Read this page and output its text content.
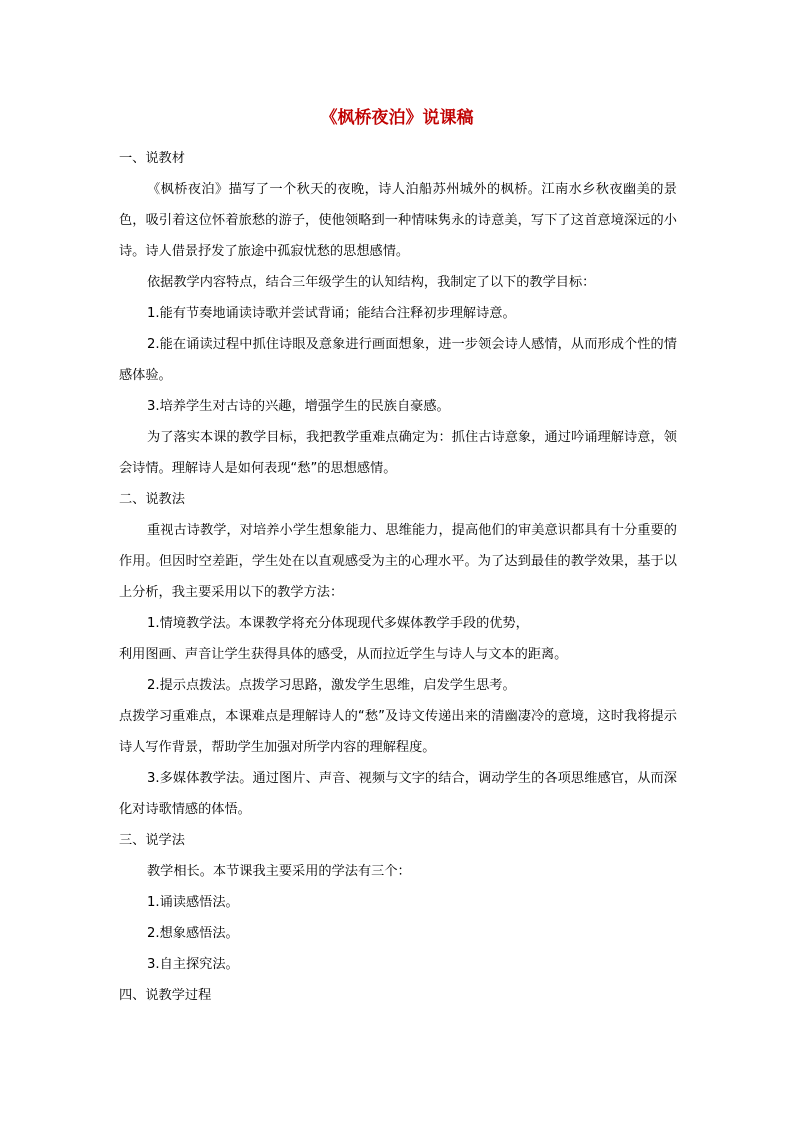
《枫桥夜泊》说课稿

一、说教材

《枫桥夜泊》描写了一个秋天的夜晚，诗人泊船苏州城外的枫桥。江南水乡秋夜幽美的景色，吸引着这位怀着旅愁的游子，使他领略到一种情味隽永的诗意美，写下了这首意境深远的小诗。诗人借景抒发了旅途中孤寂忧愁的思想感情。

依据教学内容特点，结合三年级学生的认知结构，我制定了以下的教学目标：

1.能有节奏地诵读诗歌并尝试背诵；能结合注释初步理解诗意。

2.能在诵读过程中抓住诗眼及意象进行画面想象，进一步领会诗人感情，从而形成个性的情感体验。

3.培养学生对古诗的兴趣，增强学生的民族自豪感。

为了落实本课的教学目标，我把教学重难点确定为：抓住古诗意象，通过吟诵理解诗意，领会诗情。理解诗人是如何表现“愁”的思想感情。

二、说教法

重视古诗教学，对培养小学生想象能力、思维能力，提高他们的审美意识都具有十分重要的作用。但因时空差距，学生处在以直观感受为主的心理水平。为了达到最佳的教学效果，基于以上分析，我主要采用以下的教学方法：

1.情境教学法。本课教学将充分体现现代多媒体教学手段的优势，

利用图画、声音让学生获得具体的感受，从而拉近学生与诗人与文本的距离。

2.提示点拨法。点拨学习思路，激发学生思维，启发学生思考。

点拨学习重难点，本课难点是理解诗人的“愁”及诗文传递出来的清幽凄冷的意境，这时我将提示诗人写作背景，帮助学生加强对所学内容的理解程度。

3.多媒体教学法。通过图片、声音、视频与文字的结合，调动学生的各项思维感官，从而深化对诗歌情感的体悟。

三、说学法

教学相长。本节课我主要采用的学法有三个：

1.诵读感悟法。

2.想象感悟法。

3.自主探究法。

四、说教学过程
